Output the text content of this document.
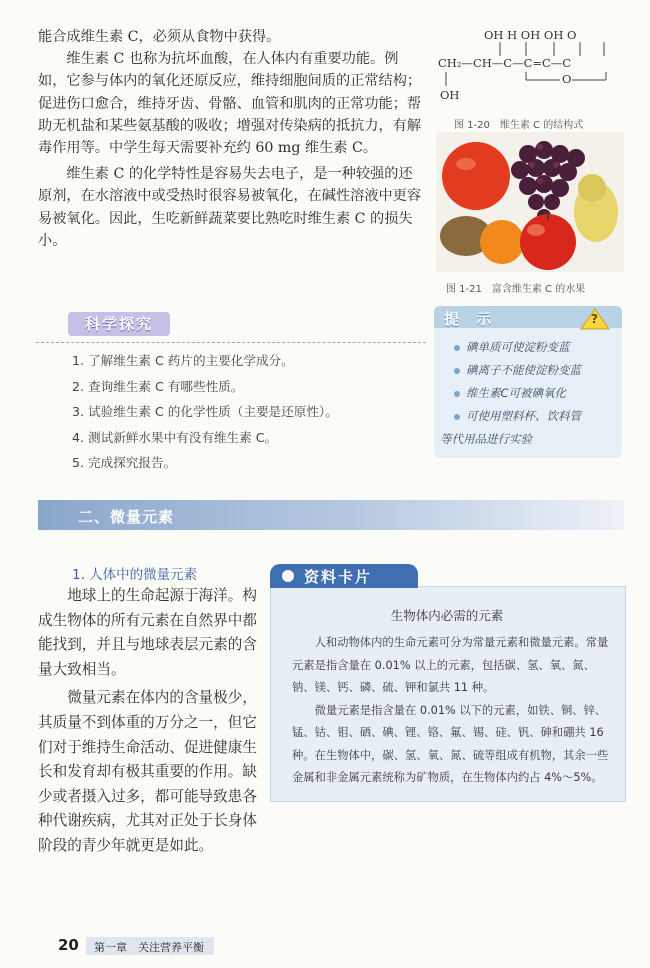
能合成维生素 C，必须从食物中获得。

维生素 C 也称为抗坏血酸，在人体内有重要功能。例如，它参与体内的氧化还原反应，维持细胞间质的正常结构；促进伤口愈合，维持牙齿、骨骼、血管和肌肉的正常功能；帮助无机盐和某些氨基酸的吸收；增强对传染病的抵抗力，有解毒作用等。中学生每天需要补充约 60 mg 维生素 C。

维生素 C 的化学特性是容易失去电子，是一种较强的还原剂，在水溶液中或受热时很容易被氧化，在碱性溶液中更容易被氧化。因此，生吃新鲜蔬菜要比熟吃时维生素 C 的损失小。

OH H OH OH O
CH₂—CH—C—C=C—C
O
OH
图 1-20　维生素 C 的结构式
图 1-21　富含维生素 C 的水果
科学探究
1. 了解维生素 C 药片的主要化学成分。
2. 查询维生素 C 有哪些性质。
3. 试验维生素 C 的化学性质（主要是还原性）。
4. 测试新鲜水果中有没有维生素 C。
5. 完成探究报告。
提 示	?
碘单质可使淀粉变蓝
碘离子不能使淀粉变蓝
维生素C可被碘氧化
可使用塑料杯、饮料管
等代用品进行实验
二、微量元素
1. 人体中的微量元素

地球上的生命起源于海洋。构成生物体的所有元素在自然界中都能找到，并且与地球表层元素的含量大致相当。

微量元素在体内的含量极少，其质量不到体重的万分之一，但它们对于维持生命活动、促进健康生长和发育却有极其重要的作用。缺少或者摄入过多，都可能导致患各种代谢疾病，尤其对正处于长身体阶段的青少年就更是如此。

资料卡片
生物体内必需的元素

人和动物体内的生命元素可分为常量元素和微量元素。常量元素是指含量在 0.01% 以上的元素，包括碳、氢、氧、氮、钠、镁、钙、磷、硫、钾和氯共 11 种。

微量元素是指含量在 0.01% 以下的元素，如铁、铜、锌、锰、钴、钼、硒、碘、锂、铬、氟、锡、硅、钒、砷和硼共 16 种。在生物体中，碳、氢、氧、氮、硫等组成有机物，其余一些金属和非金属元素统称为矿物质，在生物体内约占 4%～5%。

20 第一章　关注营养平衡
